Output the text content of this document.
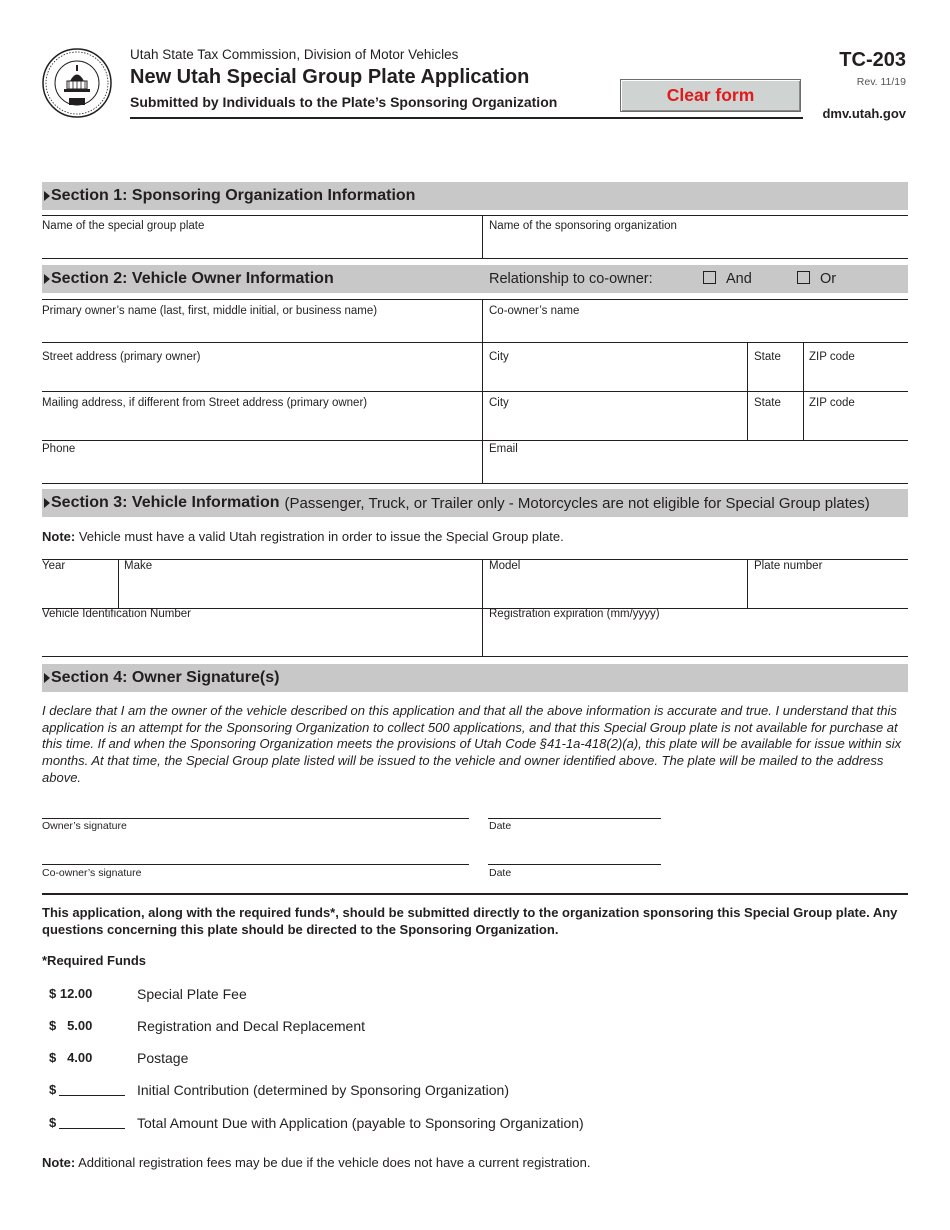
Utah State Tax Commission, Division of Motor Vehicles
New Utah Special Group Plate Application
Submitted by Individuals to the Plate’s Sponsoring Organization	Clear form
TC-203
Rev. 11/19
dmv.utah.gov
Section 1: Sponsoring Organization Information
Name of the special group plate	Name of the sponsoring organization
Section 2: Vehicle Owner Information	Relationship to co-owner:	And	Or
Primary owner’s name (last, first, middle initial, or business name)	Co-owner’s name
Street address (primary owner)	City	State ZIP code
Mailing address, if different from Street address (primary owner)	City	State ZIP code
Phone	Email
Section 3: Vehicle Information (Passenger, Truck, or Trailer only - Motorcycles are not eligible for Special Group plates)
Note: Vehicle must have a valid Utah registration in order to issue the Special Group plate.
Year	Make	Model	Plate number
Vehicle Identification Number	Registration expiration (mm/yyyy)
Section 4: Owner Signature(s)
I declare that I am the owner of the vehicle described on this application and that all the above information is accurate and true. I understand that this application is an attempt for the Sponsoring Organization to collect 500 applications, and that this Special Group plate is not available for purchase at this time. If and when the Sponsoring Organization meets the provisions of Utah Code §41-1a-418(2)(a), this plate will be available for issue within six months. At that time, the Special Group plate listed will be issued to the vehicle and owner identified above. The plate will be mailed to the address above.
Owner’s signature	Date
Co-owner’s signature	Date
This application, along with the required funds*, should be submitted directly to the organization sponsoring this Special Group plate. Any questions concerning this plate should be directed to the Sponsoring Organization.
*Required Funds
$ 12.00	Special Plate Fee
$   5.00	Registration and Decal Replacement
$   4.00	Postage
$	Initial Contribution (determined by Sponsoring Organization)
$	Total Amount Due with Application (payable to Sponsoring Organization)
Note: Additional registration fees may be due if the vehicle does not have a current registration.
